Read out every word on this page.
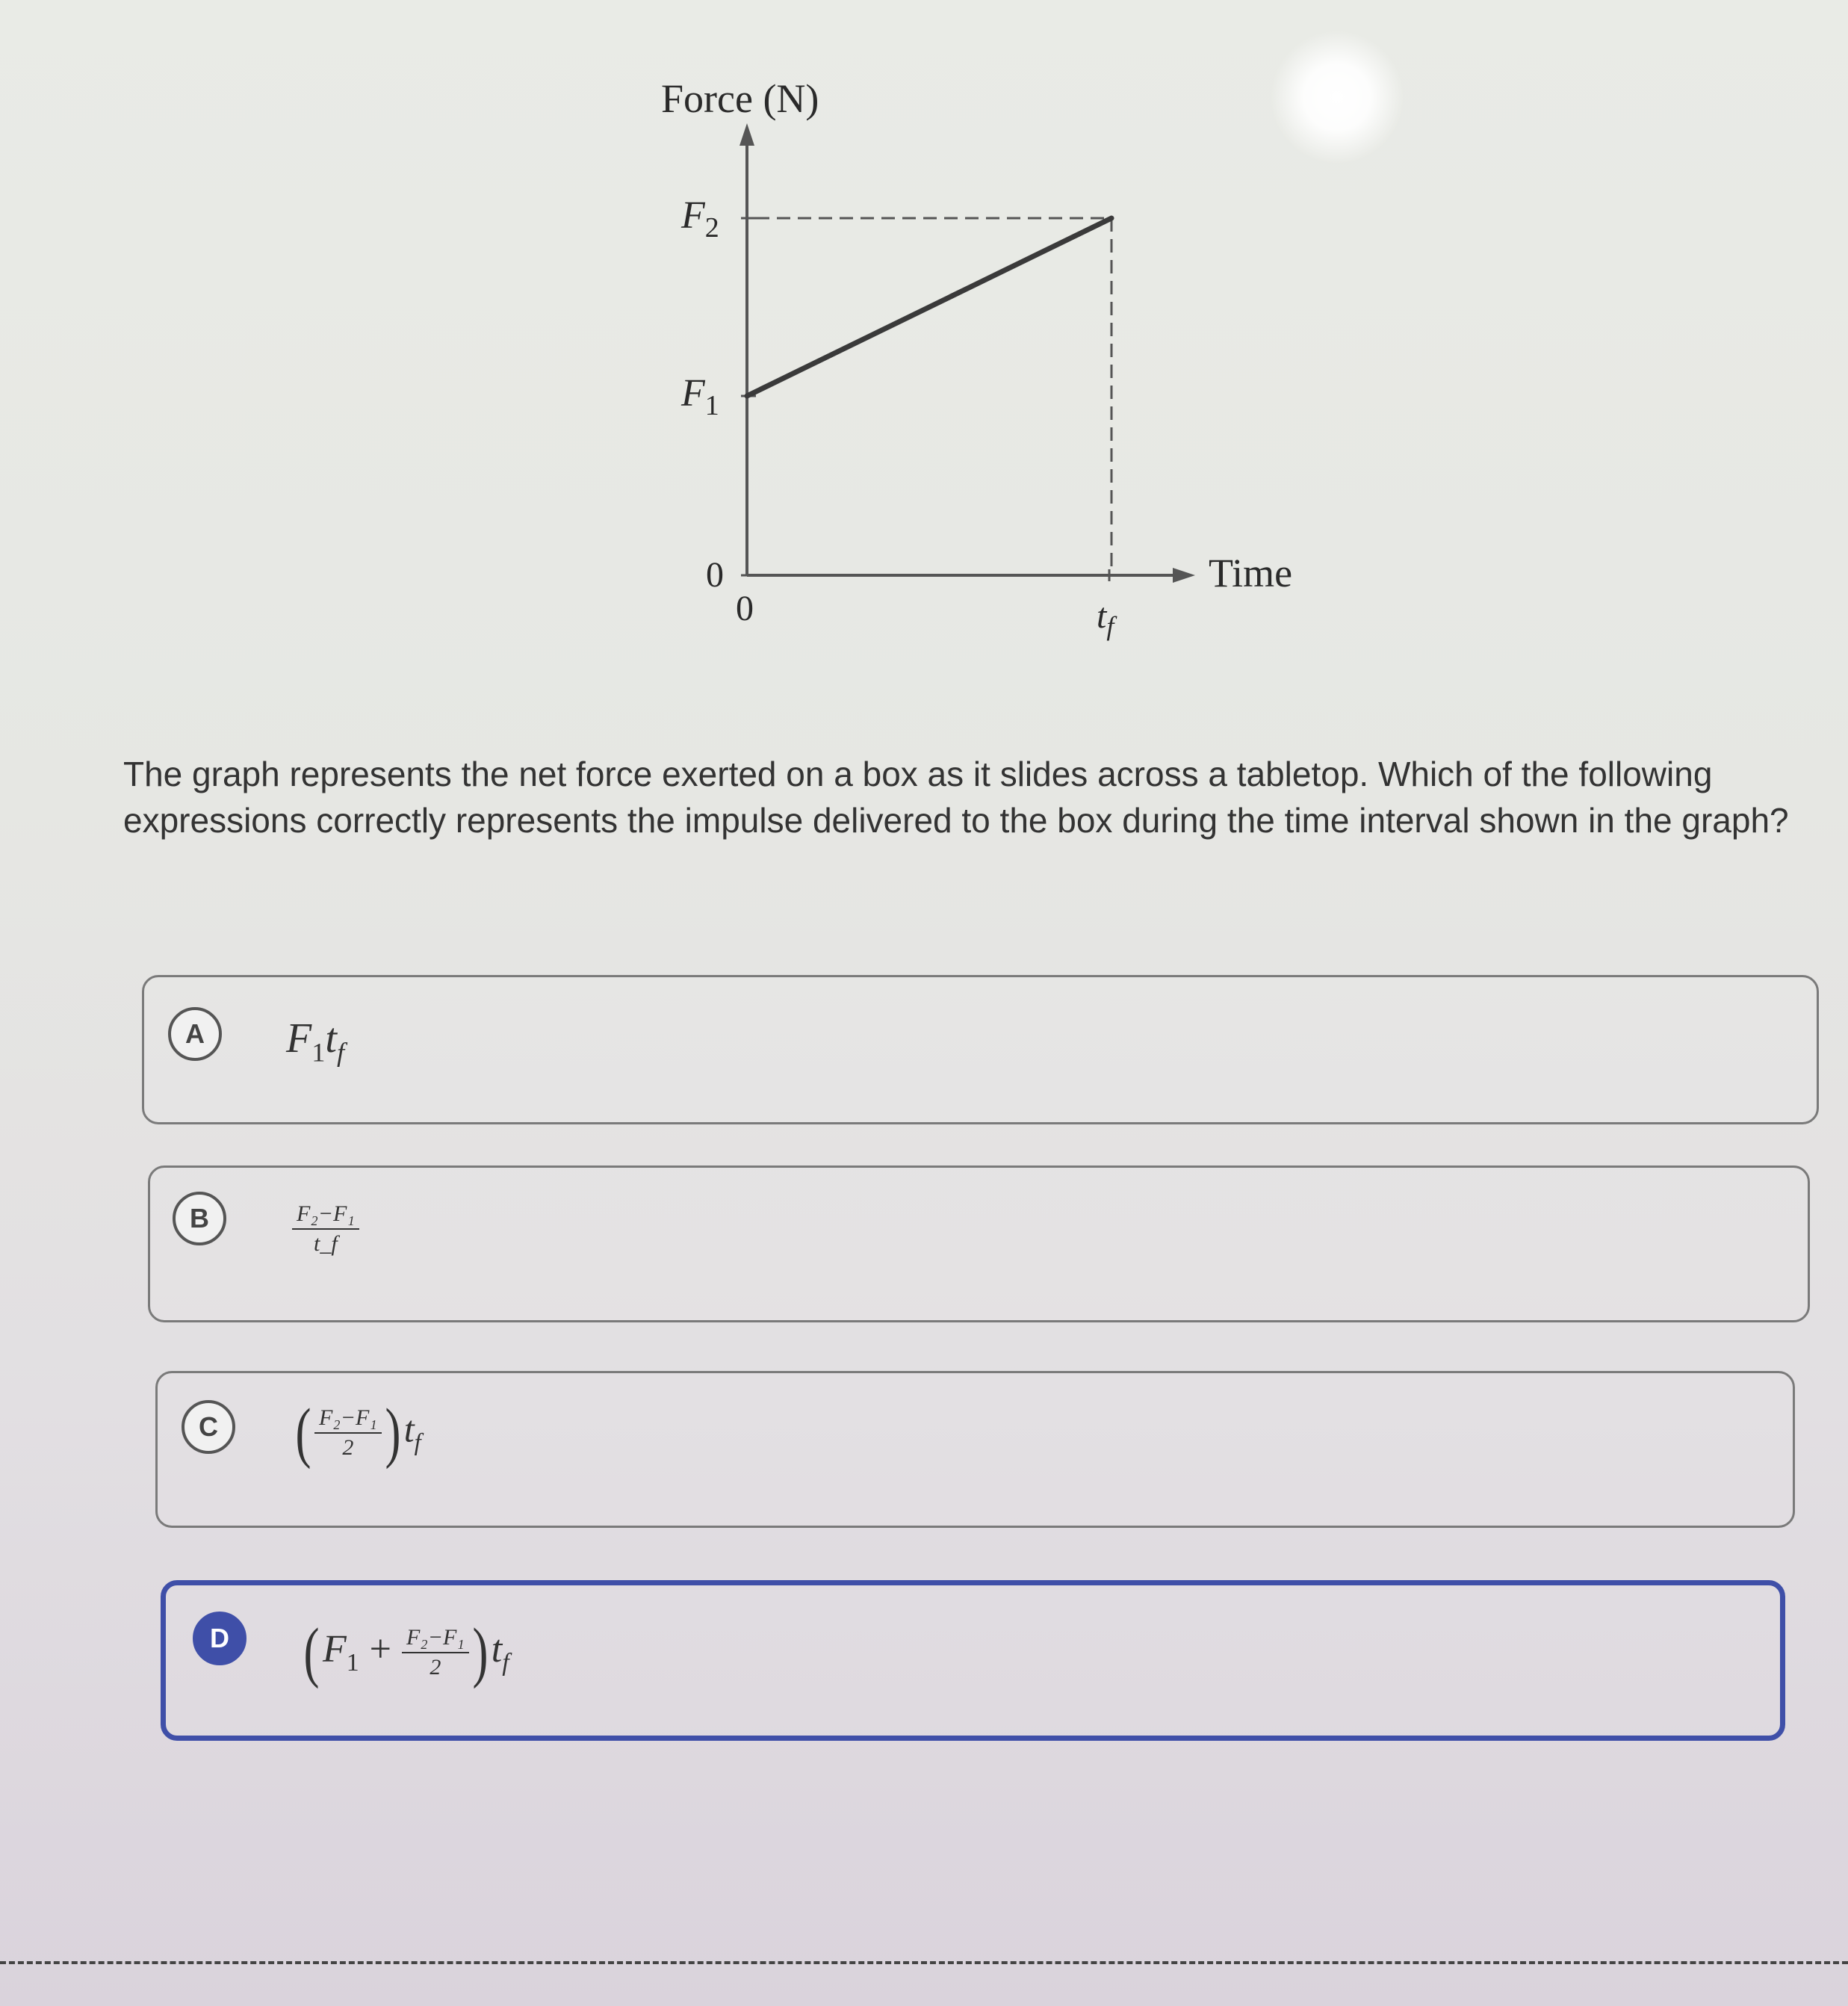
Force (N)
Time
$F_2$
$F_1$
0
0	$t_f$

The graph represents the net force exerted on a box as it slides across a tabletop. Which of the following expressions correctly represents the impulse delivered to the box during the time interval shown in the graph?

A	$F_1t_f$
B	$\frac{\text{F₂−F₁}}{t\_f}$
C ( $\frac{\text{F₂−F₁}}{2} )t_f$
D $(F_1 + \frac{\text{F₂−F₁}}{2} )t_f$
